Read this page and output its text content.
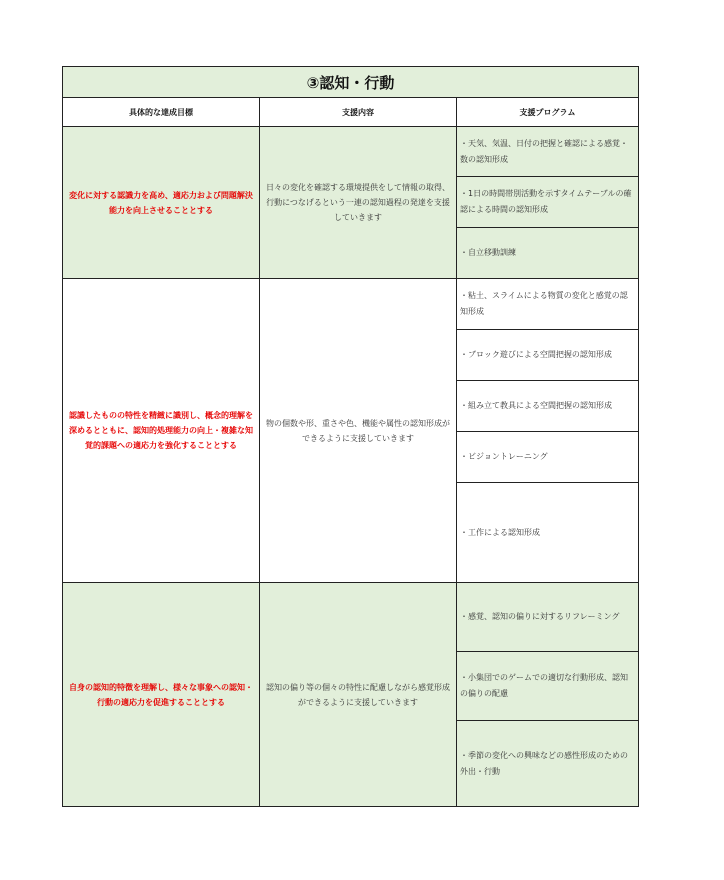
③認知・行動		
具体的な達成目標	支援内容	支援プログラム
変化に対する認識力を高め、適応力および問題解決能力を向上させることとする	日々の変化を確認する環境提供をして情報の取得、行動につなげるという一連の認知過程の発達を支援していきます	・天気、気温、日付の把握と確認による感覚・数の認知形成
		・1日の時間帯別活動を示すタイムテーブルの確認による時間の認知形成
		・自立移動訓練
認識したものの特性を精緻に識別し、概念的理解を深めるとともに、認知的処理能力の向上・複雑な知覚的課題への適応力を強化することとする	物の個数や形、重さや色、機能や属性の認知形成ができるように支援していきます	・粘土、スライムによる物質の変化と感覚の認知形成
		・ブロック遊びによる空間把握の認知形成
		・組み立て教具による空間把握の認知形成
		・ビジョントレーニング
		・工作による認知形成
自身の認知的特徴を理解し、様々な事象への認知・行動の適応力を促進することとする	認知の偏り等の個々の特性に配慮しながら感覚形成ができるように支援していきます	・感覚、認知の偏りに対するリフレーミング
		・小集団でのゲームでの適切な行動形成、認知の偏りの配慮
		・季節の変化への興味などの感性形成のための外出・行動
